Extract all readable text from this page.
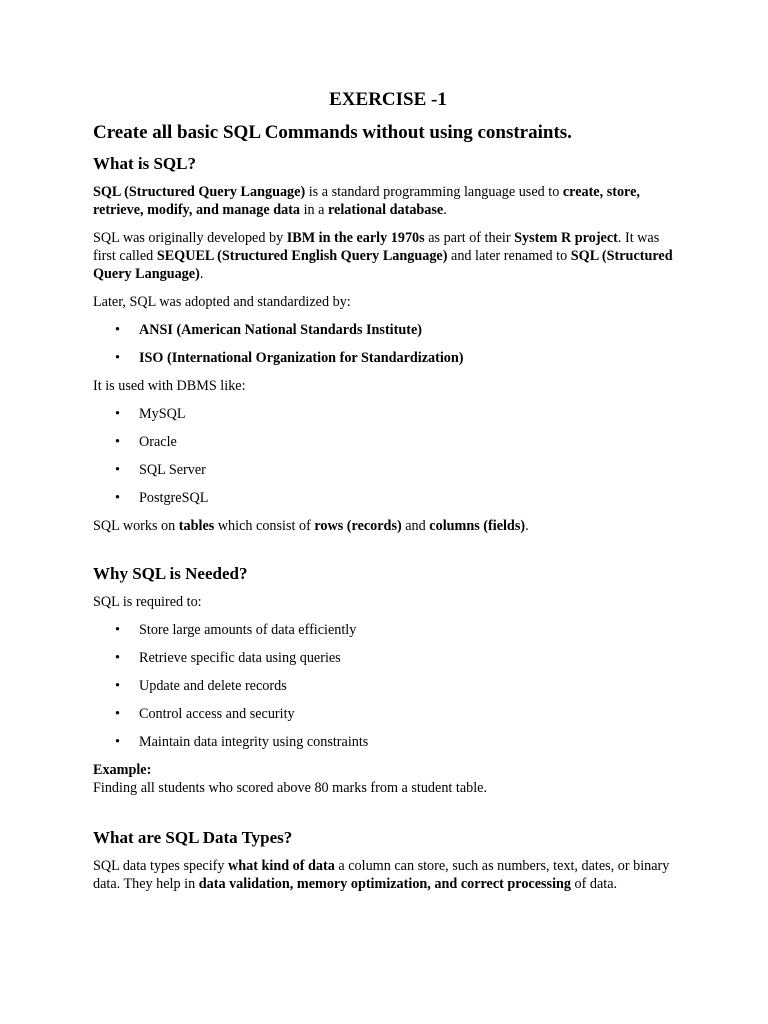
EXERCISE -1
Create all basic SQL Commands without using constraints.
What is SQL?

SQL (Structured Query Language) is a standard programming language used to create, store, retrieve, modify, and manage data in a relational database.

SQL was originally developed by IBM in the early 1970s as part of their System R project. It was first called SEQUEL (Structured English Query Language) and later renamed to SQL (Structured Query Language).

Later, SQL was adopted and standardized by:

• ANSI (American National Standards Institute)
• ISO (International Organization for Standardization)

It is used with DBMS like:

• MySQL
• Oracle
• SQL Server
• PostgreSQL

SQL works on tables which consist of rows (records) and columns (fields).

Why SQL is Needed?

SQL is required to:

• Store large amounts of data efficiently
• Retrieve specific data using queries
• Update and delete records
• Control access and security
• Maintain data integrity using constraints

Example:

Finding all students who scored above 80 marks from a student table.

What are SQL Data Types?

SQL data types specify what kind of data a column can store, such as numbers, text, dates, or binary data. They help in data validation, memory optimization, and correct processing of data.
